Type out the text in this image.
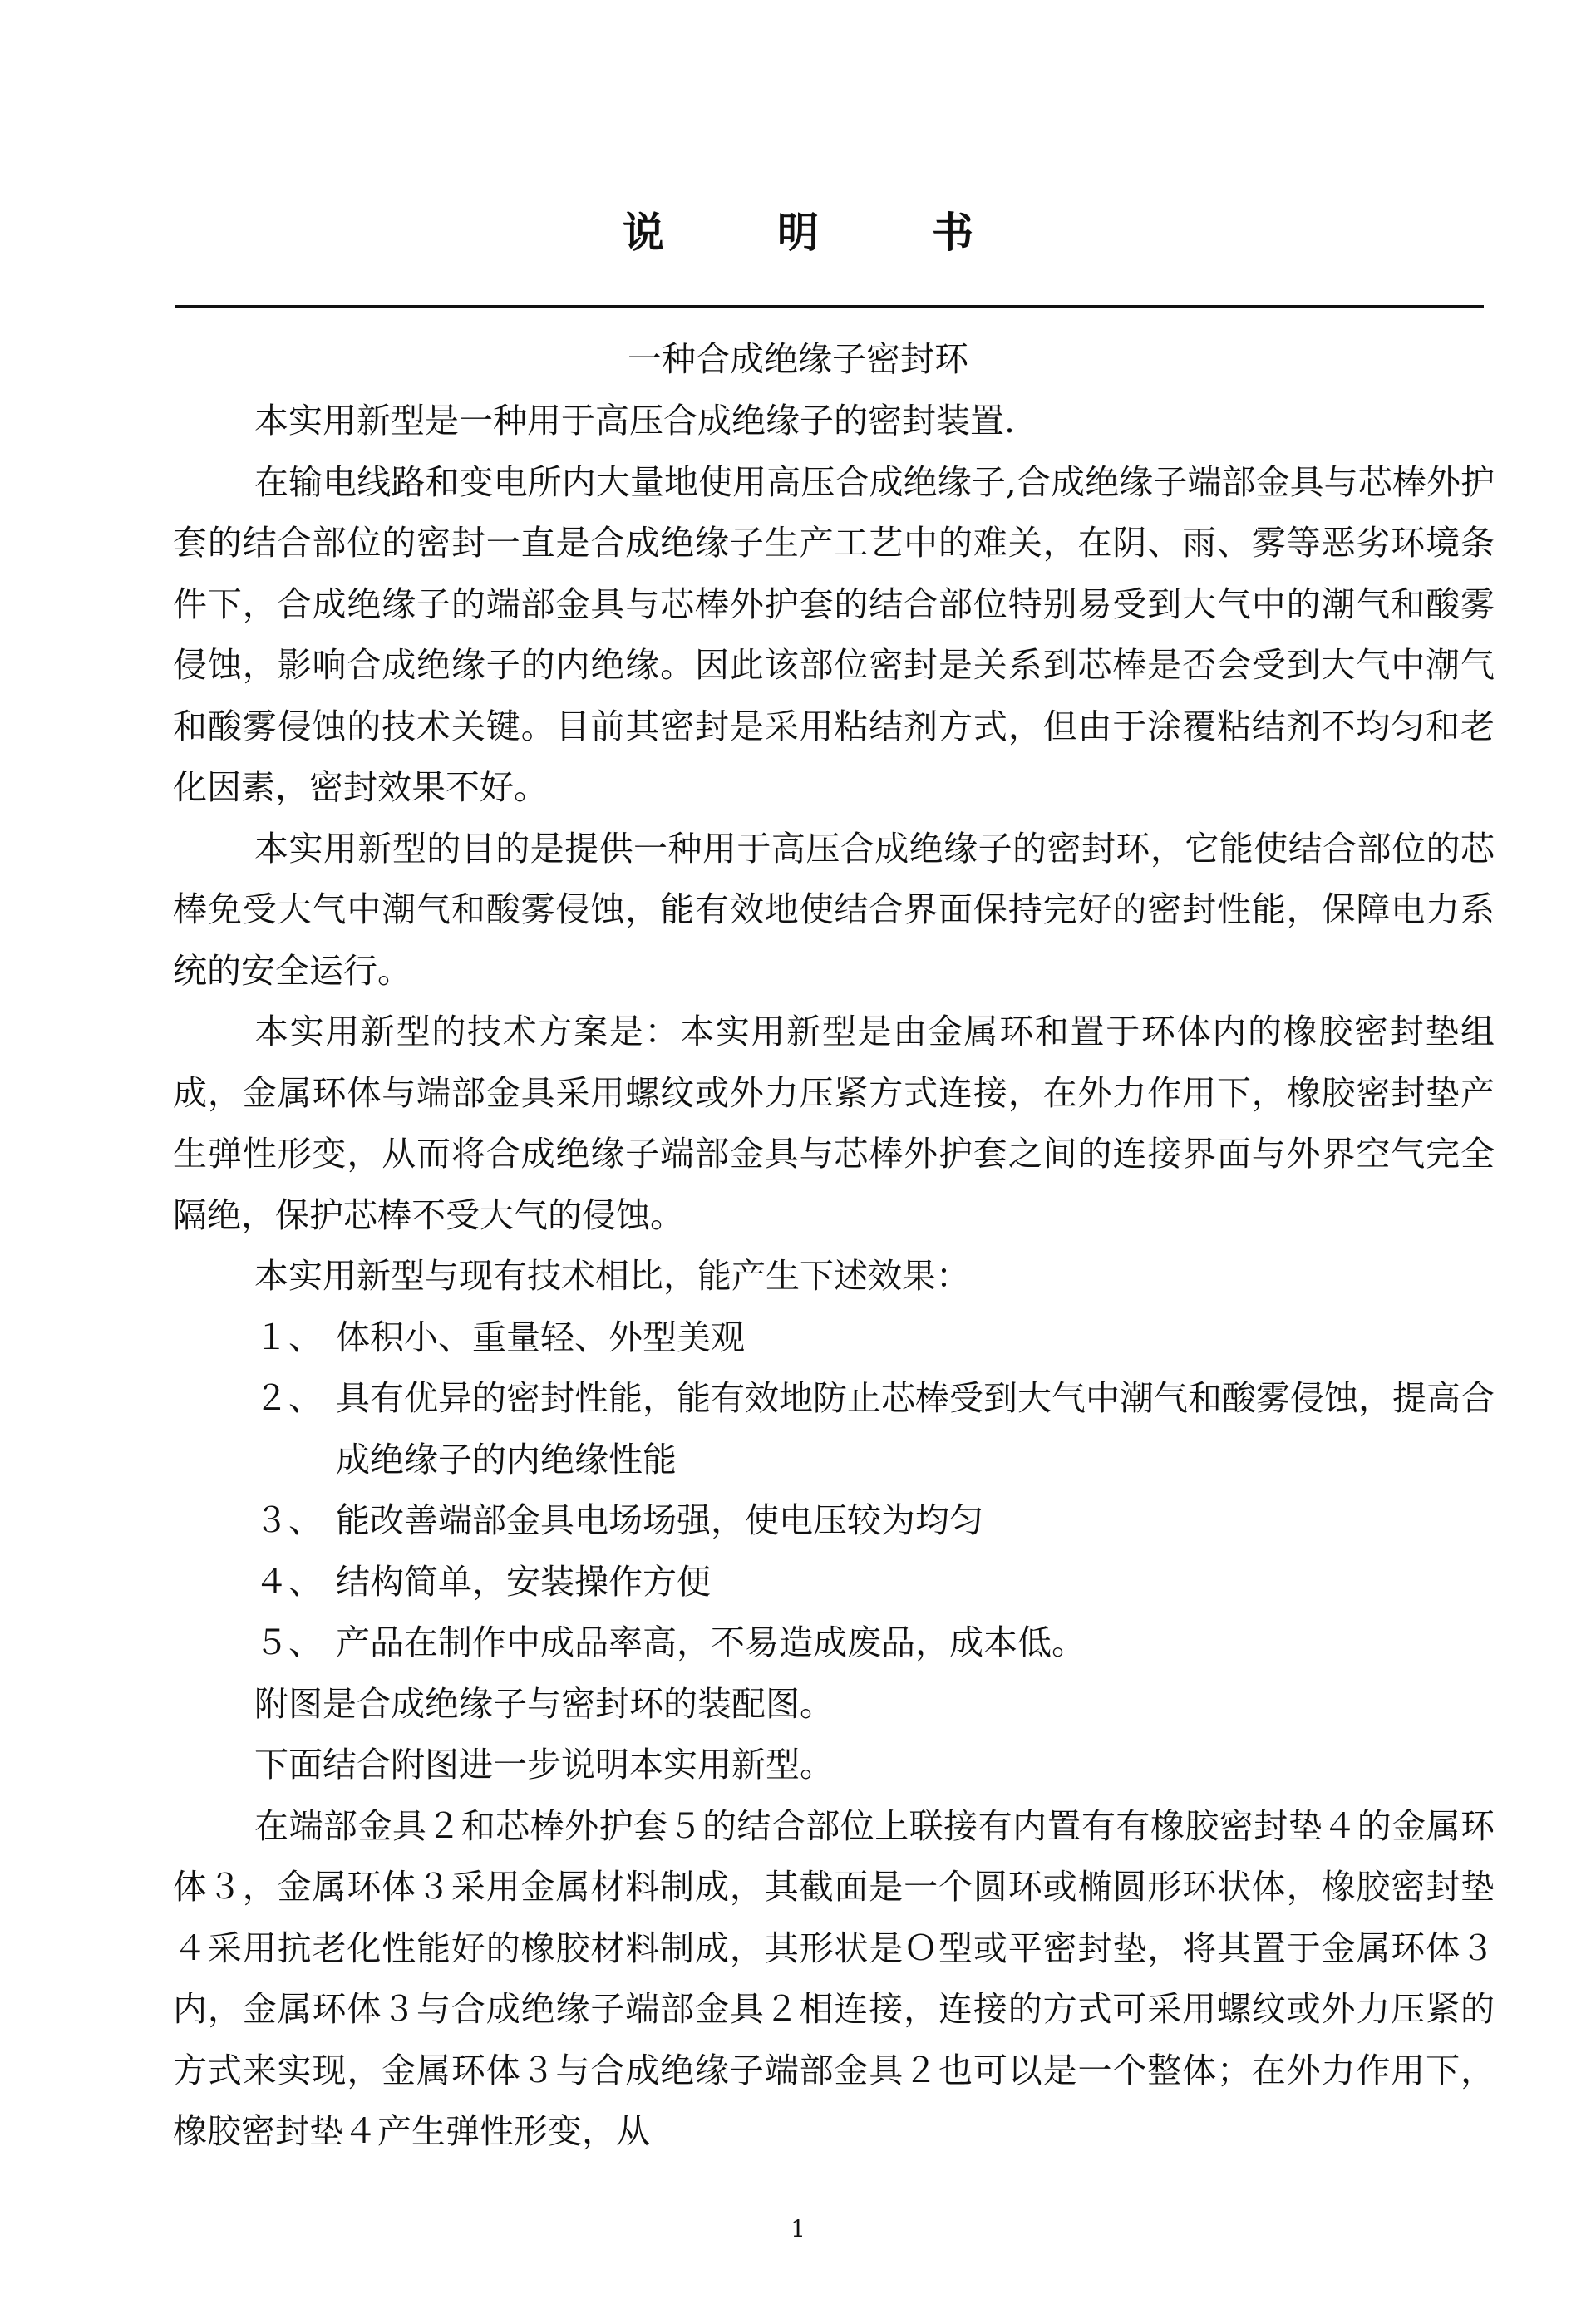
说	明	书
一种合成绝缘子密封环

本实用新型是一种用于高压合成绝缘子的密封装置.

在输电线路和变电所内大量地使用高压合成绝缘子,合成绝缘子端部金具与芯棒外护套的结合部位的密封一直是合成绝缘子生产工艺中的难关，在阴、雨、雾等恶劣环境条件下，合成绝缘子的端部金具与芯棒外护套的结合部位特别易受到大气中的潮气和酸雾侵蚀，影响合成绝缘子的内绝缘。因此该部位密封是关系到芯棒是否会受到大气中潮气和酸雾侵蚀的技术关键。目前其密封是采用粘结剂方式，但由于涂覆粘结剂不均匀和老化因素，密封效果不好。

本实用新型的目的是提供一种用于高压合成绝缘子的密封环，它能使结合部位的芯棒免受大气中潮气和酸雾侵蚀，能有效地使结合界面保持完好的密封性能，保障电力系统的安全运行。

本实用新型的技术方案是：本实用新型是由金属环和置于环体内的橡胶密封垫组成，金属环体与端部金具采用螺纹或外力压紧方式连接，在外力作用下，橡胶密封垫产生弹性形变，从而将合成绝缘子端部金具与芯棒外护套之间的连接界面与外界空气完全隔绝，保护芯棒不受大气的侵蚀。

本实用新型与现有技术相比，能产生下述效果：

１、 体积小、重量轻、外型美观
２、 具有优异的密封性能，能有效地防止芯棒受到大气中潮气和酸雾侵蚀，提高合成绝缘子的内绝缘性能
３、 能改善端部金具电场场强，使电压较为均匀
４、 结构简单，安装操作方便
５、 产品在制作中成品率高，不易造成废品，成本低。

附图是合成绝缘子与密封环的装配图。

下面结合附图进一步说明本实用新型。

在端部金具２和芯棒外护套５的结合部位上联接有内置有有橡胶密封垫４的金属环体３，金属环体３采用金属材料制成，其截面是一个圆环或椭圆形环状体，橡胶密封垫４采用抗老化性能好的橡胶材料制成，其形状是Ｏ型或平密封垫，将其置于金属环体３内，金属环体３与合成绝缘子端部金具２相连接，连接的方式可采用螺纹或外力压紧的方式来实现，金属环体３与合成绝缘子端部金具２也可以是一个整体；在外力作用下，橡胶密封垫４产生弹性形变，从

1
